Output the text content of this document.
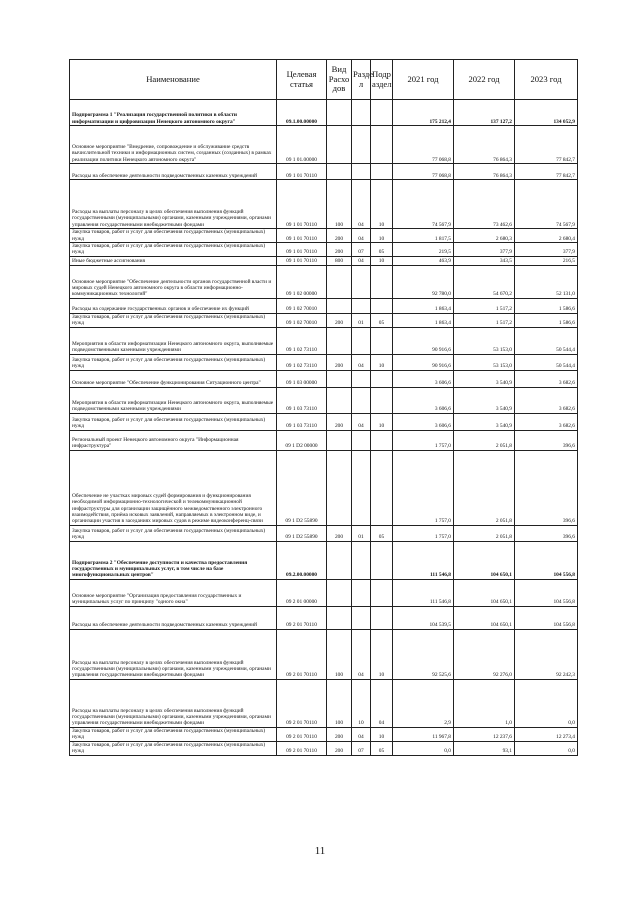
Наименование	Целевая статья	Вид Расхо дов	Разде л	Подр аздел	2021 год	2022 год	2023 год
Подпрограмма 1 "Реализация государственной политики в области информатизации и цифровизации Ненецкого автономного округа"	09.1.00.00000				175 212,4	137 127,2	134 052,9
Основное мероприятие "Внедрение, сопровождение и обслуживание средств вычислительной техники и информационных систем, созданных (созданных) в рамках реализации политики Ненецкого автономного округа"	09 1 01.00000				77 068,8	76 864,3	77 842,7
Расходы на обеспечение деятельности подведомственных казенных учреждений	09 1 01 70110				77 068,8	76 864,3	77 842,7
Расходы на выплаты персоналу в целях обеспечения выполнения функций государственными (муниципальными) органами, казенными учреждениями, органами управления государственными внебюджетными фондами	09 1 01 70110	100	04	10	74 567,9	73 462,6	74 567,9
Закупка товаров, работ и услуг для обеспечения государственных (муниципальных) нужд	09 1 01 70110	200	04	10	1 817,5	2 680,3	2 680,4
Закупка товаров, работ и услуг для обеспечения государственных (муниципальных) нужд	09 1 01 70110	200	07	05	219,5	377,9	377,9
Иные бюджетные ассигнования	09 1 01 70110	800	04	10	463,9	343,5	216,5
Основное мероприятие "Обеспечение деятельности органов государственной власти и мировых судей Ненецкого автономного округа в области информационно-коммуникационных технологий"	09 1 02 00000				92 780,0	54 670,2	52 131,0
Расходы на содержание государственных органов и обеспечение их функций	09 1 02 70010				1 863,4	1 517,2	1 586,6
Закупка товаров, работ и услуг для обеспечения государственных (муниципальных) нужд	09 1 02 70010	200	01	05	1 863,4	1 517,2	1 586,6
Мероприятия в области информатизации Ненецкого автономного округа, выполняемые подведомственными казенными учреждениями	09 1 02 73110				90 916,6	53 153,0	50 544,4
Закупка товаров, работ и услуг для обеспечения государственных (муниципальных) нужд	09 1 02 73110	200	04	10	90 916,6	53 153,0	50 544,4
Основное мероприятие "Обеспечение функционирования Ситуационного центра"	09 1 03 00000				3 606,6	3 540,9	3 682,6
Мероприятия в области информатизации Ненецкого автономного округа, выполняемые подведомственными казенными учреждениями	09 1 03 73110				3 606,6	3 540,9	3 682,6
Закупка товаров, работ и услуг для обеспечения государственных (муниципальных) нужд	09 1 03 73110	200	04	10	3 606,6	3 540,9	3 682,6
Региональный проект Ненецкого автономного округа "Информационная инфраструктура"	09 1 D2 00000				1 757,0	2 051,8	396,6
Обеспечение не участках мировых судей формирования и функционирования необходимой информационно-технологической и телекоммуникационной инфраструктуры для организации защищённого межведомственного электронного взаимодействия, приёма исковых заявлений, направляемых в электронном виде, и организации участия в заседаниях мировых судов в режиме видеоконференц-связи	09 1 D2 55890				1 757,0	2 051,8	396,6
Закупка товаров, работ и услуг для обеспечения государственных (муниципальных) нужд	09 1 D2 55890	200	01	05	1 757,0	2 051,8	396,6
Подпрограмма 2 "Обеспечение доступности и качества предоставления государственных и муниципальных услуг, в том числе на базе многофункциональных центров"	09.2.00.00000				111 546,8	104 650,1	104 556,8
Основное мероприятие "Организация предоставления государственных и муниципальных услуг по принципу "одного окна"	09 2 01 00000				111 546,8	104 650,1	104 556,8
Расходы на обеспечение деятельности подведомственных казенных учреждений	09 2 01 70110				104 539,5	104 650,1	104 556,8
Расходы на выплаты персоналу в целях обеспечения выполнения функций государственными (муниципальными) органами, казенными учреждениями, органами управления государственными внебюджетными фондами	09 2 01 70110	100	04	10	92 525,6	92 276,0	92 242,3
Расходы на выплаты персоналу в целях обеспечения выполнения функций государственными (муниципальными) органами, казенными учреждениями, органами управления государственными внебюджетными фондами	09 2 01 70110	100	10	04	2,9	1,0	0,0
Закупка товаров, работ и услуг для обеспечения государственных (муниципальных) нужд	09 2 01 70110	200	04	10	11 967,8	12 237,6	12 273,4
Закупка товаров, работ и услуг для обеспечения государственных (муниципальных) нужд	09 2 01 70110	200	07	05	0,0	93,1	0,0
11
